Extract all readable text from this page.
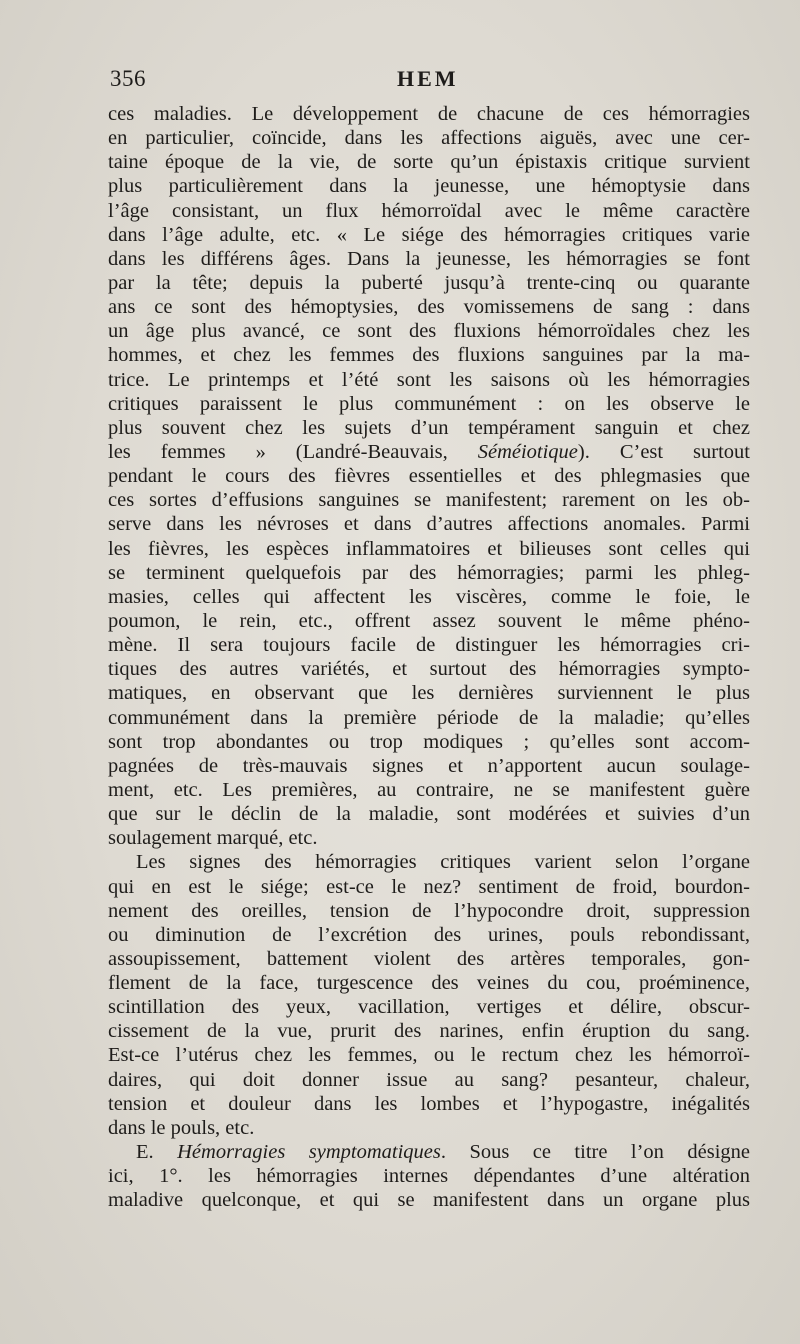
356	HEM
ces maladies. Le développement de chacune de ces hémorragies
en particulier, coïncide, dans les affections aiguës, avec une cer-
taine époque de la vie, de sorte qu’un épistaxis critique survient
plus particulièrement dans la jeunesse, une hémoptysie dans
l’âge consistant, un flux hémorroïdal avec le même caractère
dans l’âge adulte, etc. « Le siége des hémorragies critiques varie
dans les différens âges. Dans la jeunesse, les hémorragies se font
par la tête; depuis la puberté jusqu’à trente-cinq ou quarante
ans ce sont des hémoptysies, des vomissemens de sang : dans
un âge plus avancé, ce sont des fluxions hémorroïdales chez les
hommes, et chez les femmes des fluxions sanguines par la ma-
trice. Le printemps et l’été sont les saisons où les hémorragies
critiques paraissent le plus communément : on les observe le
plus souvent chez les sujets d’un tempérament sanguin et chez
les femmes » (Landré-Beauvais, Séméiotique). C’est surtout
pendant le cours des fièvres essentielles et des phlegmasies que
ces sortes d’effusions sanguines se manifestent; rarement on les ob-
serve dans les névroses et dans d’autres affections anomales. Parmi
les fièvres, les espèces inflammatoires et bilieuses sont celles qui
se terminent quelquefois par des hémorragies; parmi les phleg-
masies, celles qui affectent les viscères, comme le foie, le
poumon, le rein, etc., offrent assez souvent le même phéno-
mène. Il sera toujours facile de distinguer les hémorragies cri-
tiques des autres variétés, et surtout des hémorragies sympto-
matiques, en observant que les dernières surviennent le plus
communément dans la première période de la maladie; qu’elles
sont trop abondantes ou trop modiques ; qu’elles sont accom-
pagnées de très-mauvais signes et n’apportent aucun soulage-
ment, etc. Les premières, au contraire, ne se manifestent guère
que sur le déclin de la maladie, sont modérées et suivies d’un
soulagement marqué, etc.
Les signes des hémorragies critiques varient selon l’organe
qui en est le siége; est-ce le nez? sentiment de froid, bourdon-
nement des oreilles, tension de l’hypocondre droit, suppression
ou diminution de l’excrétion des urines, pouls rebondissant,
assoupissement, battement violent des artères temporales, gon-
flement de la face, turgescence des veines du cou, proéminence,
scintillation des yeux, vacillation, vertiges et délire, obscur-
cissement de la vue, prurit des narines, enfin éruption du sang.
Est-ce l’utérus chez les femmes, ou le rectum chez les hémorroï-
daires, qui doit donner issue au sang? pesanteur, chaleur,
tension et douleur dans les lombes et l’hypogastre, inégalités
dans le pouls, etc.
E. Hémorragies symptomatiques. Sous ce titre l’on désigne
ici, 1°. les hémorragies internes dépendantes d’une altération
maladive quelconque, et qui se manifestent dans un organe plus
